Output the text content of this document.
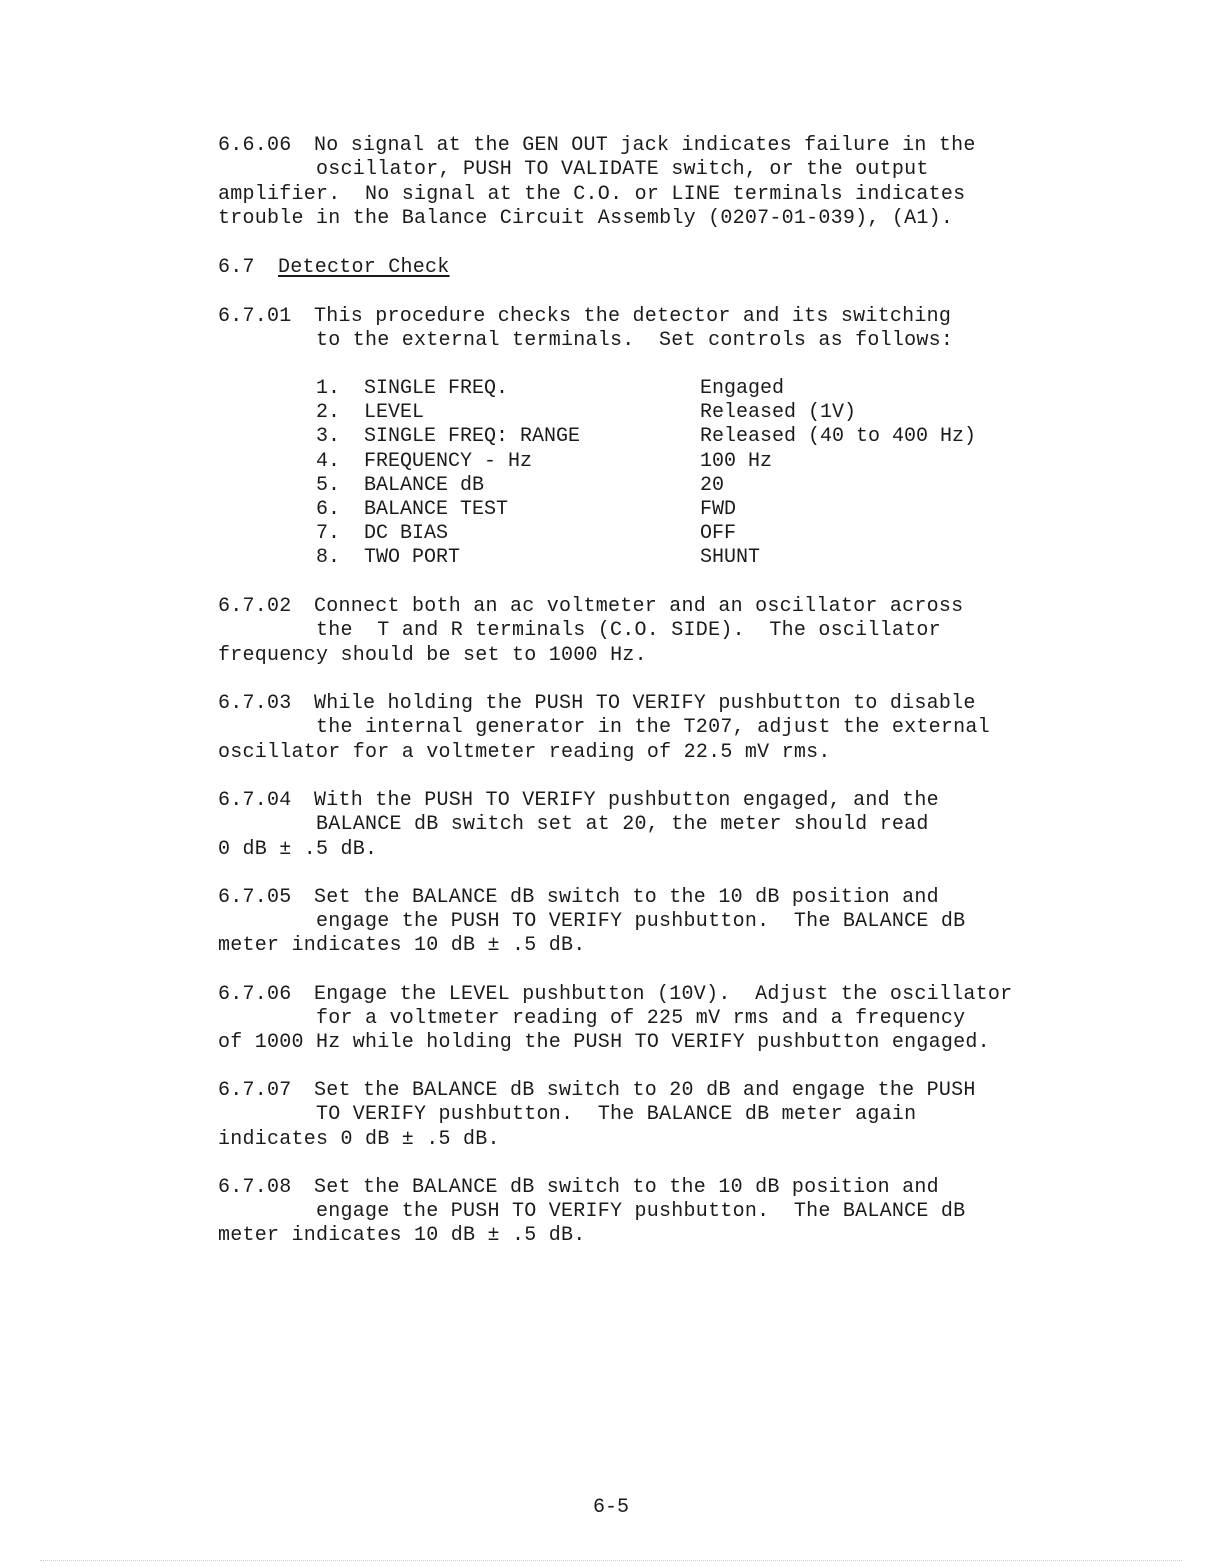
6.6.06 No signal at the GEN OUT jack indicates failure in the
oscillator, PUSH TO VALIDATE switch, or the output
amplifier.  No signal at the C.O. or LINE terminals indicates
trouble in the Balance Circuit Assembly (0207-01-039), (A1).
6.7 Detector Check
6.7.01 This procedure checks the detector and its switching
to the external terminals.  Set controls as follows:
1. SINGLE FREQ.	Engaged
2. LEVEL	Released (1V)
3. SINGLE FREQ: RANGE	Released (40 to 400 Hz)
4. FREQUENCY - Hz	100 Hz
5. BALANCE dB	20
6. BALANCE TEST	FWD
7. DC BIAS	OFF
8. TWO PORT	SHUNT
6.7.02 Connect both an ac voltmeter and an oscillator across
the  T and R terminals (C.O. SIDE).  The oscillator
frequency should be set to 1000 Hz.
6.7.03 While holding the PUSH TO VERIFY pushbutton to disable
the internal generator in the T207, adjust the external
oscillator for a voltmeter reading of 22.5 mV rms.
6.7.04 With the PUSH TO VERIFY pushbutton engaged, and the
BALANCE dB switch set at 20, the meter should read
0 dB ± .5 dB.
6.7.05 Set the BALANCE dB switch to the 10 dB position and
engage the PUSH TO VERIFY pushbutton.  The BALANCE dB
meter indicates 10 dB ± .5 dB.
6.7.06 Engage the LEVEL pushbutton (10V).  Adjust the oscillator
for a voltmeter reading of 225 mV rms and a frequency
of 1000 Hz while holding the PUSH TO VERIFY pushbutton engaged.
6.7.07 Set the BALANCE dB switch to 20 dB and engage the PUSH
TO VERIFY pushbutton.  The BALANCE dB meter again
indicates 0 dB ± .5 dB.
6.7.08 Set the BALANCE dB switch to the 10 dB position and
engage the PUSH TO VERIFY pushbutton.  The BALANCE dB
meter indicates 10 dB ± .5 dB.
6-5
